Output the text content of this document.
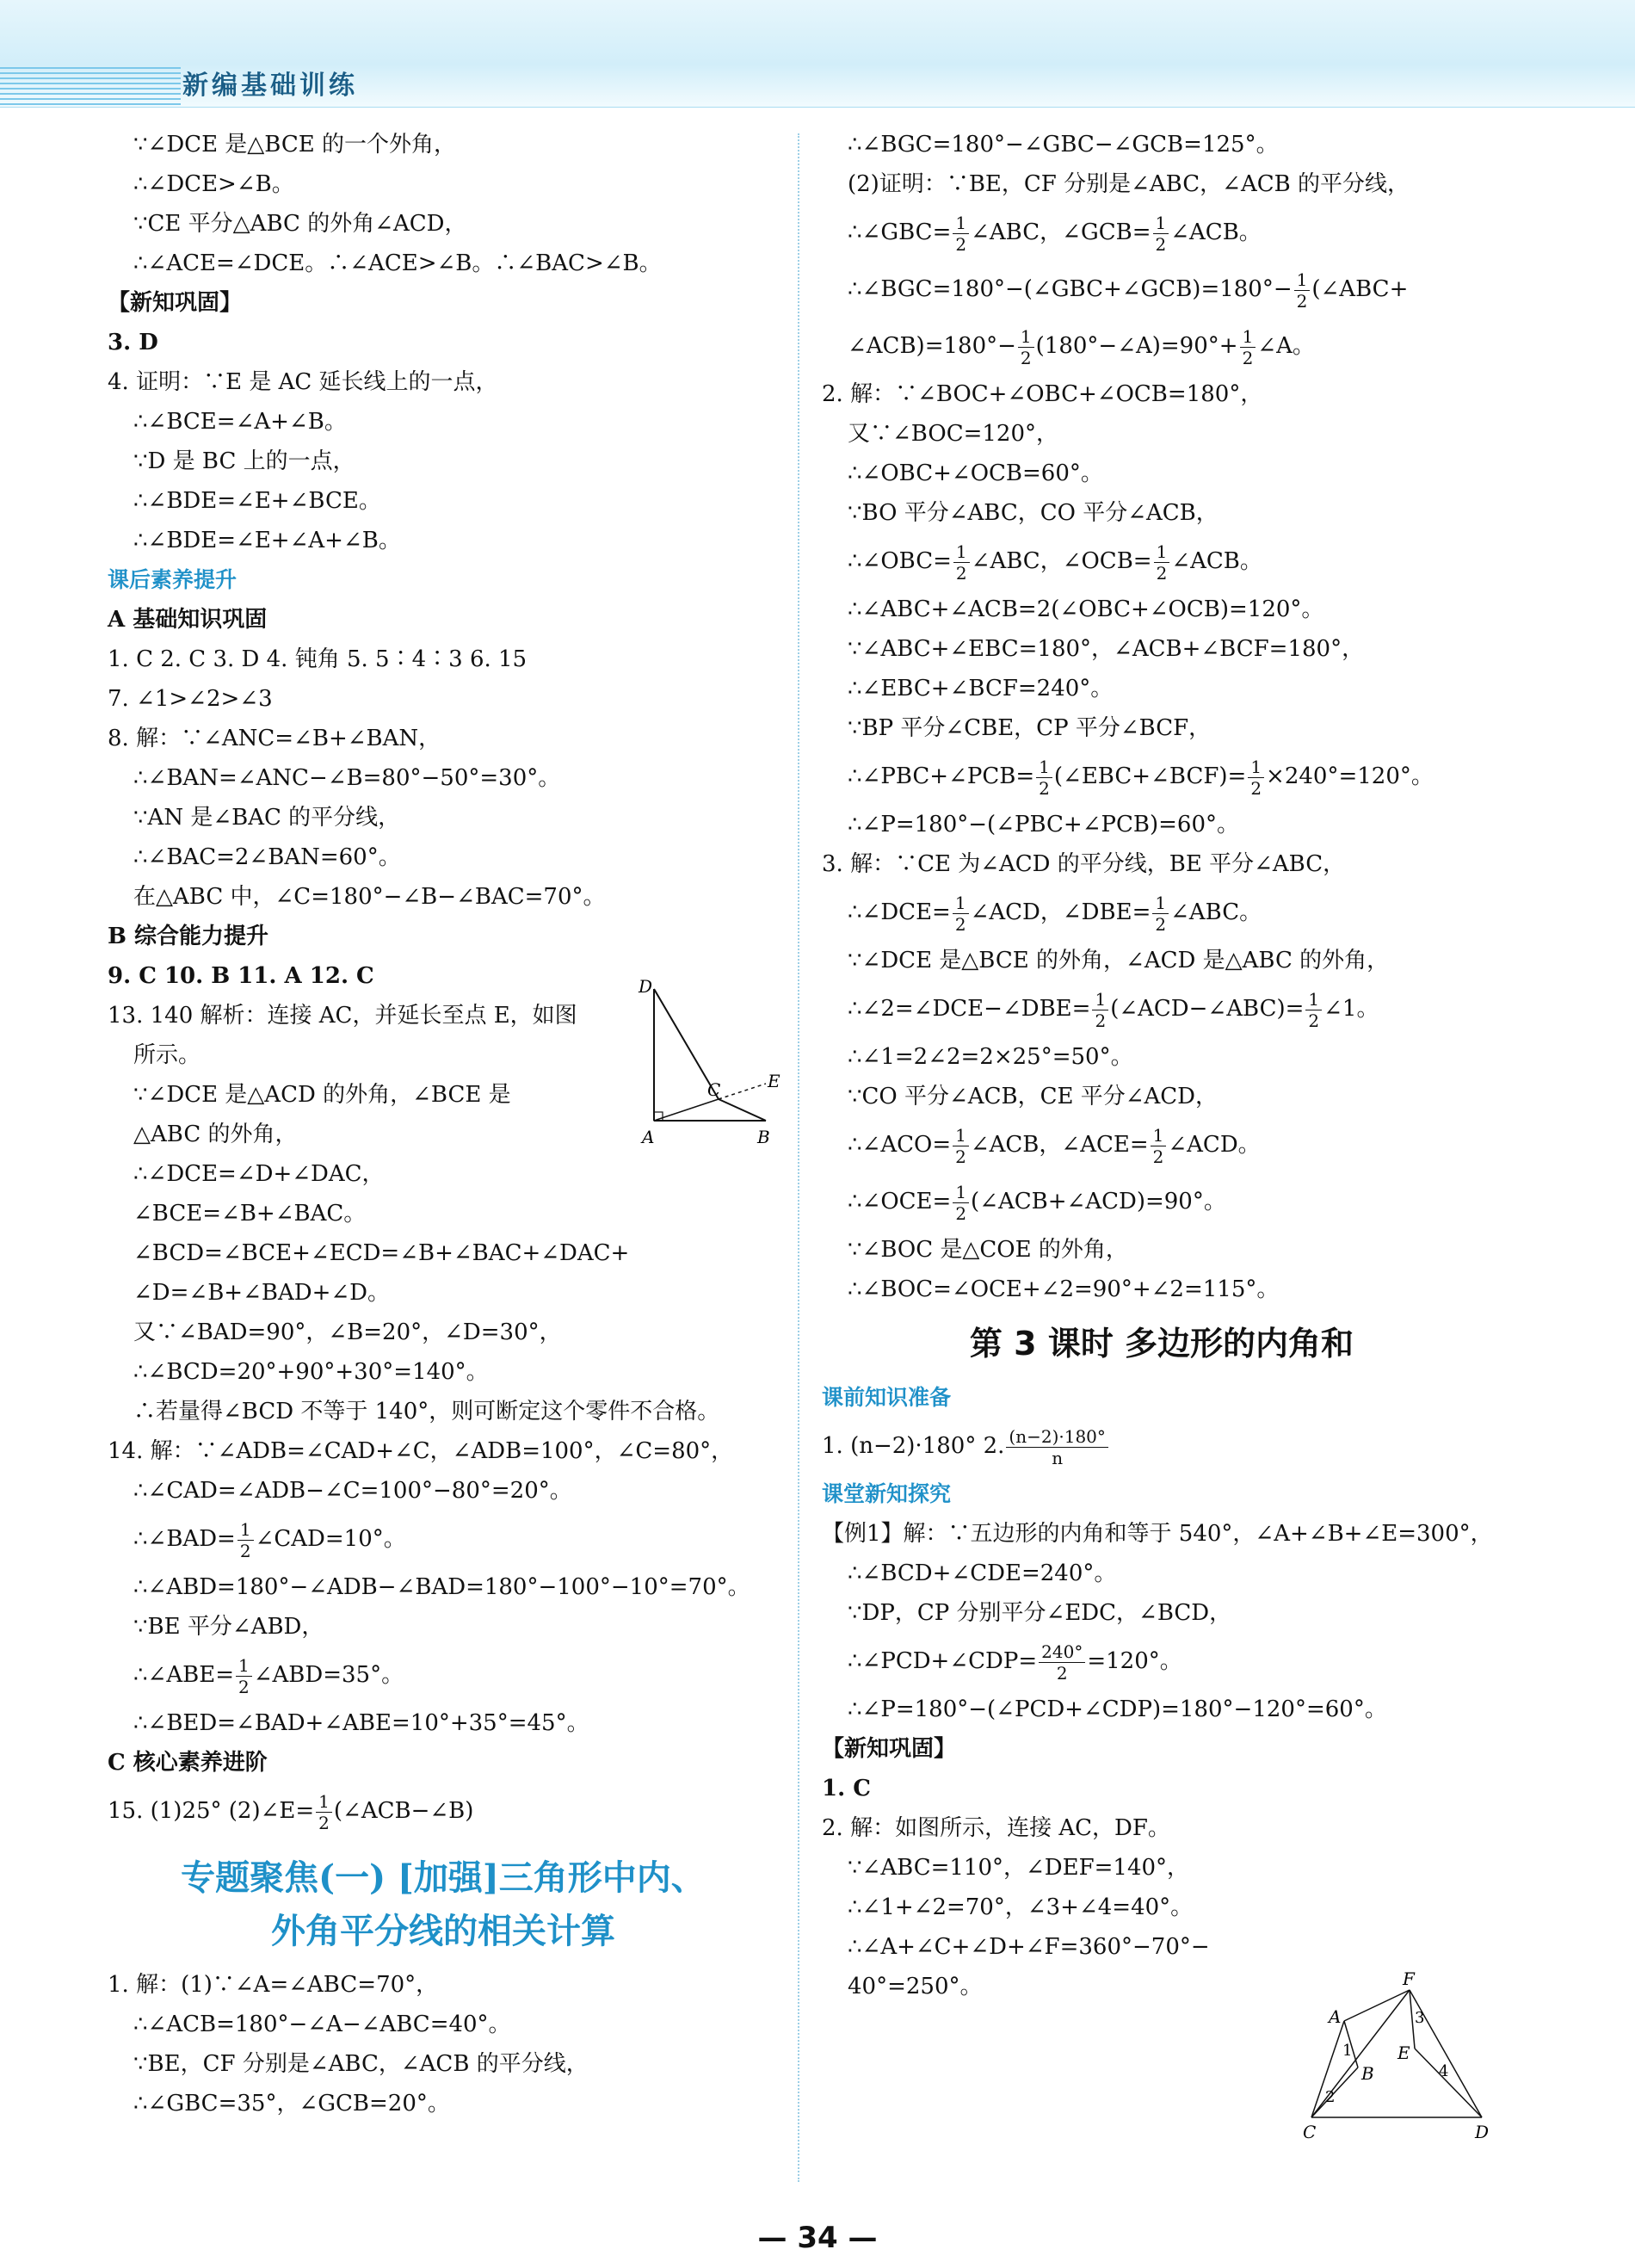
新编基础训练
∵∠DCE 是△BCE 的一个外角，
∴∠DCE>∠B。
∵CE 平分△ABC 的外角∠ACD，
∴∠ACE=∠DCE。∴∠ACE>∠B。∴∠BAC>∠B。
【新知巩固】
3. D
4. 证明：∵E 是 AC 延长线上的一点，
∴∠BCE=∠A+∠B。
∵D 是 BC 上的一点，
∴∠BDE=∠E+∠BCE。
∴∠BDE=∠E+∠A+∠B。
课后素养提升
A 基础知识巩固
1. C 2. C 3. D 4. 钝角 5. 5∶4∶3 6. 15
7. ∠1>∠2>∠3
8. 解：∵∠ANC=∠B+∠BAN，
∴∠BAN=∠ANC−∠B=80°−50°=30°。
∵AN 是∠BAC 的平分线，
∴∠BAC=2∠BAN=60°。
在△ABC 中，∠C=180°−∠B−∠BAC=70°。
B 综合能力提升
9. C 10. B 11. A 12. C
13. 140 解析：连接 AC，并延长至点 E，如图
所示。
∵∠DCE 是△ACD 的外角，∠BCE 是
△ABC 的外角，
∴∠DCE=∠D+∠DAC，
∠BCE=∠B+∠BAC。
∠BCD=∠BCE+∠ECD=∠B+∠BAC+∠DAC+
∠D=∠B+∠BAD+∠D。
又∵∠BAD=90°，∠B=20°，∠D=30°，
∴∠BCD=20°+90°+30°=140°。
∴若量得∠BCD 不等于 140°，则可断定这个零件不合格。
14. 解：∵∠ADB=∠CAD+∠C，∠ADB=100°，∠C=80°，
∴∠CAD=∠ADB−∠C=100°−80°=20°。
∴∠BAD= $\frac{1}{2}$ ∠CAD=10°。
∴∠ABD=180°−∠ADB−∠BAD=180°−100°−10°=70°。
∵BE 平分∠ABD，
∴∠ABE= $\frac{1}{2}$ ∠ABD=35°。
∴∠BED=∠BAD+∠ABE=10°+35°=45°。
C 核心素养进阶
15. (1)25° (2)∠E= $\frac{1}{2}$ (∠ACB−∠B)
专题聚焦(一) [加强]三角形中内、
外角平分线的相关计算
1. 解：(1)∵∠A=∠ABC=70°，
∴∠ACB=180°−∠A−∠ABC=40°。
∵BE，CF 分别是∠ABC，∠ACB 的平分线，
∴∠GBC=35°，∠GCB=20°。
D
A	B
C	E
∴∠BGC=180°−∠GBC−∠GCB=125°。
(2)证明：∵BE，CF 分别是∠ABC，∠ACB 的平分线，
∴∠GBC= $\frac{1}{2}$ ∠ABC，∠GCB= $\frac{1}{2}$ ∠ACB。
∴∠BGC=180°−(∠GBC+∠GCB)=180°− $\frac{1}{2}$ (∠ABC+
∠ACB)=180°− $\frac{1}{2}$ (180°−∠A)=90°+ $\frac{1}{2}$ ∠A。
2. 解：∵∠BOC+∠OBC+∠OCB=180°，
又∵∠BOC=120°，
∴∠OBC+∠OCB=60°。
∵BO 平分∠ABC，CO 平分∠ACB，
∴∠OBC= $\frac{1}{2}$ ∠ABC，∠OCB= $\frac{1}{2}$ ∠ACB。
∴∠ABC+∠ACB=2(∠OBC+∠OCB)=120°。
∵∠ABC+∠EBC=180°，∠ACB+∠BCF=180°，
∴∠EBC+∠BCF=240°。
∵BP 平分∠CBE，CP 平分∠BCF，
∴∠PBC+∠PCB= $\frac{1}{2}$ (∠EBC+∠BCF)= $\frac{1}{2} \times 240^\circ=120^\circ$。
∴∠P=180°−(∠PBC+∠PCB)=60°。
3. 解：∵CE 为∠ACD 的平分线，BE 平分∠ABC，
∴∠DCE= $\frac{1}{2}$ ∠ACD，∠DBE= $\frac{1}{2}$ ∠ABC。
∵∠DCE 是△BCE 的外角，∠ACD 是△ABC 的外角，
∴∠2=∠DCE−∠DBE= $\frac{1}{2}$ (∠ACD−∠ABC)= $\frac{1}{2}$ ∠1。
∴∠1=2∠2=2×25°=50°。
∵CO 平分∠ACB，CE 平分∠ACD，
∴∠ACO= $\frac{1}{2}$ ∠ACB，∠ACE= $\frac{1}{2}$ ∠ACD。
∴∠OCE= $\frac{1}{2}$ (∠ACB+∠ACD)=90°。
∵∠BOC 是△COE 的外角，
∴∠BOC=∠OCE+∠2=90°+∠2=115°。
第 3 课时 多边形的内角和
课前知识准备
1. (n−2)·180° 2. $\frac{(n-2)\cdot 180^\circ}{n}$
课堂新知探究
【例1】解：∵五边形的内角和等于 540°，∠A+∠B+∠E=300°，
∴∠BCD+∠CDE=240°。
∵DP，CP 分别平分∠EDC，∠BCD，
∴∠PCD+∠CDP= $\frac{240^\circ}{2} =120^\circ$。
∴∠P=180°−(∠PCD+∠CDP)=180°−120°=60°。
【新知巩固】
1. C
2. 解：如图所示，连接 AC，DF。
∵∠ABC=110°，∠DEF=140°，
∴∠1+∠2=70°，∠3+∠4=40°。
∴∠A+∠C+∠D+∠F=360°−70°−
40°=250°。	F
A
B
E
C	D
1
2
3
4
— 34 —
